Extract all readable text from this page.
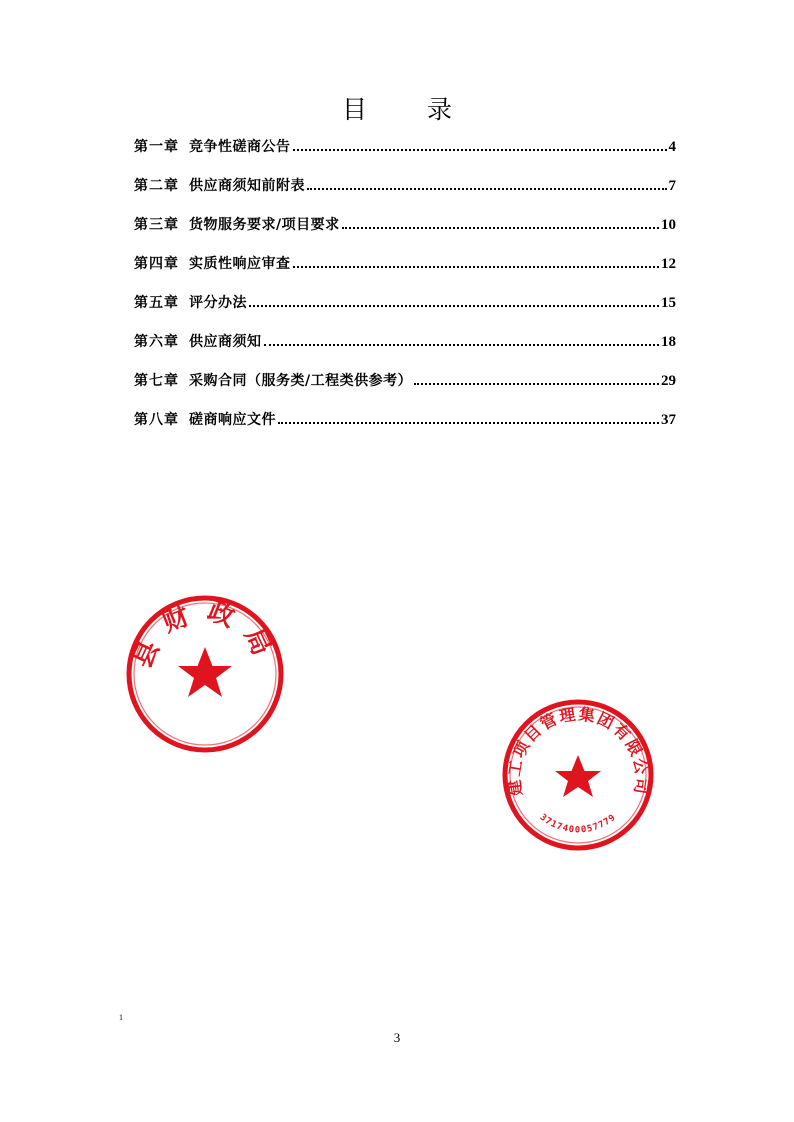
目 录
第一章 竞争性磋商公告	4
第二章 供应商须知前附表	7
第三章 货物服务要求/项目要求	10
第四章 实质性响应审查	12
第五章 评分办法	15
第六章 供应商须知	18
第七章 采购合同（服务类/工程类供参考）	29
第八章 磋商响应文件	37
县财政局
建工项目管理集团有限公司
3717400057779
1
3
